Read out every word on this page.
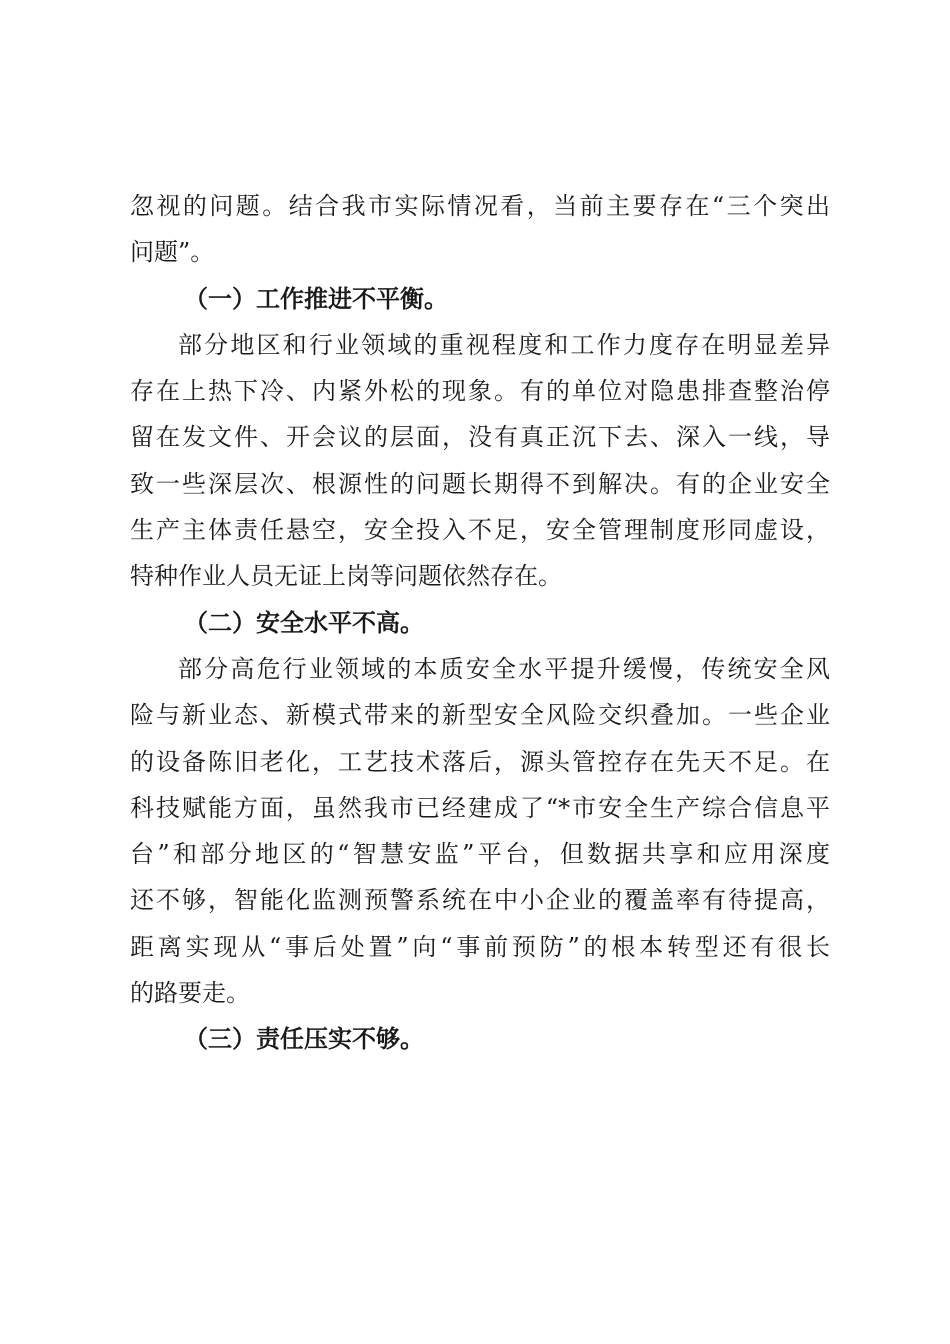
忽视的问题。结合我市实际情况看，当前主要存在“三个突出
问题”。
（一）工作推进不平衡。
部分地区和行业领域的重视程度和工作力度存在明显差异
存在上热下冷、内紧外松的现象。有的单位对隐患排查整治停
留在发文件、开会议的层面，没有真正沉下去、深入一线，导
致一些深层次、根源性的问题长期得不到解决。有的企业安全
生产主体责任悬空，安全投入不足，安全管理制度形同虚设，
特种作业人员无证上岗等问题依然存在。
（二）安全水平不高。
部分高危行业领域的本质安全水平提升缓慢，传统安全风
险与新业态、新模式带来的新型安全风险交织叠加。一些企业
的设备陈旧老化，工艺技术落后，源头管控存在先天不足。在
科技赋能方面，虽然我市已经建成了“*市安全生产综合信息平
台”和部分地区的“智慧安监”平台，但数据共享和应用深度
还不够，智能化监测预警系统在中小企业的覆盖率有待提高，
距离实现从“事后处置”向“事前预防”的根本转型还有很长
的路要走。
（三）责任压实不够。
